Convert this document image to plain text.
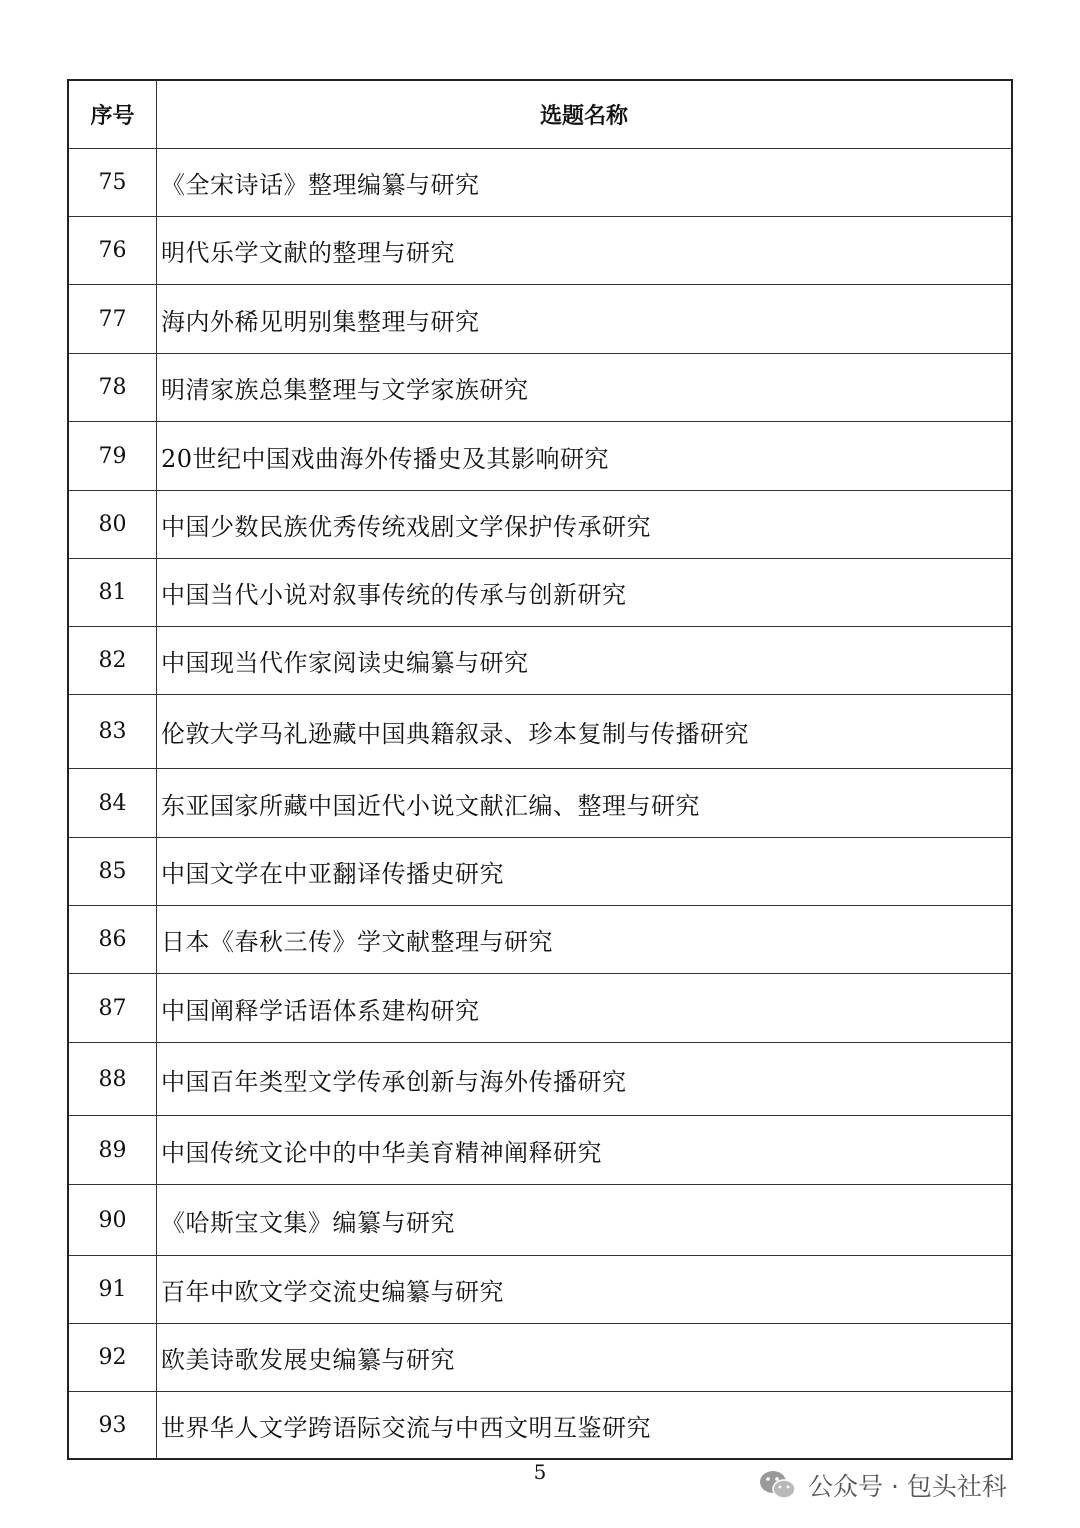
序号	选题名称
75	《全宋诗话》整理编纂与研究
76	明代乐学文献的整理与研究
77	海内外稀见明别集整理与研究
78	明清家族总集整理与文学家族研究
79	20世纪中国戏曲海外传播史及其影响研究
80	中国少数民族优秀传统戏剧文学保护传承研究
81	中国当代小说对叙事传统的传承与创新研究
82	中国现当代作家阅读史编纂与研究
83	伦敦大学马礼逊藏中国典籍叙录、珍本复制与传播研究
84	东亚国家所藏中国近代小说文献汇编、整理与研究
85	中国文学在中亚翻译传播史研究
86	日本《春秋三传》学文献整理与研究
87	中国阐释学话语体系建构研究
88	中国百年类型文学传承创新与海外传播研究
89	中国传统文论中的中华美育精神阐释研究
90	《哈斯宝文集》编纂与研究
91	百年中欧文学交流史编纂与研究
92	欧美诗歌发展史编纂与研究
93	世界华人文学跨语际交流与中西文明互鉴研究
5	公众号 · 包头社科
